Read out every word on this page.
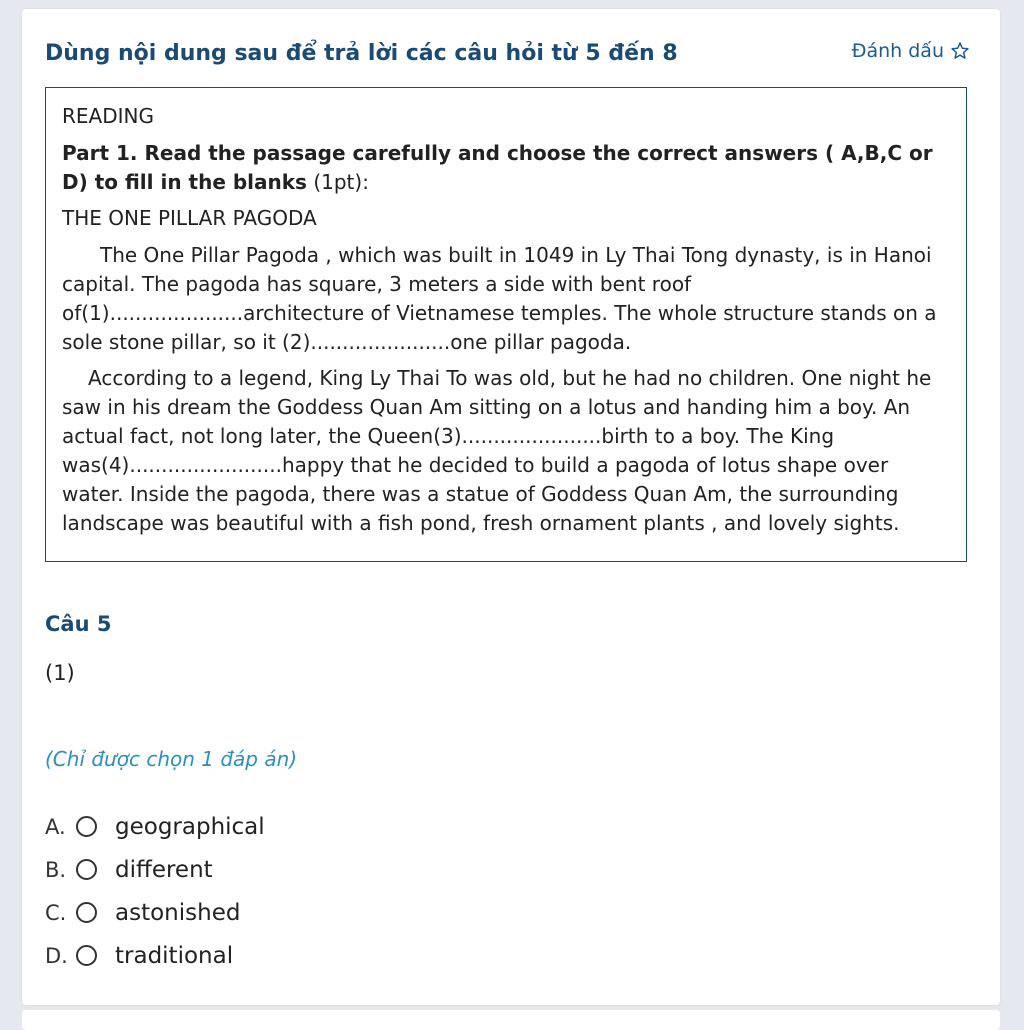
Đánh dấu
Dùng nội dung sau để trả lời các câu hỏi từ 5 đến 8

READING

Part 1. Read the passage carefully and choose the correct answers ( A,B,C or D) to fill in the blanks (1pt):

THE ONE PILLAR PAGODA

The One Pillar Pagoda , which was built in 1049 in Ly Thai Tong dynasty, is in Hanoi capital. The pagoda has square, 3 meters a side with bent roof of(1).....................architecture of Vietnamese temples. The whole structure stands on a sole stone pillar, so it (2)......................one pillar pagoda.

According to a legend, King Ly Thai To was old, but he had no children. One night he saw in his dream the Goddess Quan Am sitting on a lotus and handing him a boy. An actual fact, not long later, the Queen(3)......................birth to a boy. The King was(4)........................happy that he decided to build a pagoda of lotus shape over water. Inside the pagoda, there was a statue of Goddess Quan Am, the surrounding landscape was beautiful with a fish pond, fresh ornament plants , and lovely sights.

Câu 5
(1)
(Chỉ được chọn 1 đáp án)
A.	geographical
B.	different
C.	astonished
D.	traditional
